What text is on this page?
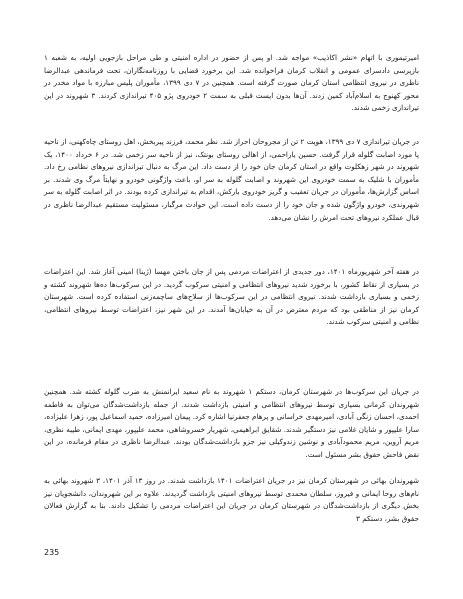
امیرتیموری با اتهام «نشر اکاذیب» مواجه شد. او پس از حضور در اداره امنیتی و طی مراحل بازجویی اولیه، به شعبه ۱ بازپرسی دادسرای عمومی و انقلاب کرمان فراخوانده شد. این برخورد قضایی با روزنامه‌نگاران، تحت فرماندهی عبدالرضا ناظری در نیروی انتظامی استان کرمان صورت گرفته است. همچنین در ۷ دی ۱۳۹۹، مأموران پلیس مبارزه با مواد مخدر در محور کهنوج به اسلام‌آباد کمین زدند. آن‌ها بدون ایست قبلی به سمت ۲ خودروی پژو ۴۰۵ تیراندازی کردند. ۳ شهروند در این تیراندازی زخمی شدند.

در جریان تیراندازی ۷ دی ۱۳۹۹، هویت ۲ تن از مجروحان احراز شد. نظر محمد، فرزند پیربخش، اهل روستای چاه‌کهنی، از ناحیه پا مورد اصابت گلوله قرار گرفت. حسین یاراحمی، از اهالی روستای بونتک، نیز از ناحیه سر زخمی شد. در ۶ خرداد ۱۴۰۰، یک شهروند در شهر زهکلوت واقع در استان کرمان جان خود را از دست داد. این مرگ به دنبال تیراندازی نیروهای نظامی رخ داد. مأموران با شلیک به سمت خودروی این شهروند و اصابت گلوله به سر او، باعث واژگونی خودرو و نهایتاً مرگ وی شدند. بر اساس گزارش‌ها، مأموران در جریان تعقیب و گریز خودروی بارکش، اقدام به تیراندازی کرده بودند. در اثر اصابت گلوله به سر شهروندی، خودرو واژگون شده و جان خود را از دست داده است. این حوادث مرگبار، مسئولیت مستقیم عبدالرضا ناظری در قبال عملکرد نیروهای تحت امرش را نشان می‌دهد.

در هفته آخر شهریورماه ۱۴۰۱، دور جدیدی از اعتراضات مردمی پس از جان باختن مهسا (ژینا) امینی آغاز شد. این اعتراضات در بسیاری از نقاط کشور، با برخورد شدید نیروهای انتظامی و امنیتی سرکوب گردید. در این سرکوب‌ها ده‌ها شهروند کشته و زخمی و بسیاری بازداشت شدند. نیروی انتظامی در این سرکوب‌ها از سلاح‌های ساچمه‌زنی استفاده کرده است. شهرستان کرمان نیز از مناطقی بود که مردم معترض در آن به خیابان‌ها آمدند. در این شهر نیز، اعتراضات توسط نیروهای انتظامی، نظامی و امنیتی سرکوب شدند.

در جریان این سرکوب‌ها در شهرستان کرمان، دستکم ۱ شهروند به نام سعید ایرانمنش به ضرب گلوله کشته شد. همچنین شهروندان کرمانی بسیاری توسط نیروهای انتظامی و امنیتی بازداشت شدند. از جمله بازداشت‌شدگان می‌توان به فاطمه احمدی، احسان زنگی آبادی، امیرمهدی خراسانی و پرهام جعفرنیا اشاره کرد. پیمان امیرزاده، حمید اسماعیل پور، زهرا علیزاده، سارا علیپور و شایان غلامی نیز دستگیر شدند. شقایق ابراهیمی، شهریار خسروشاهی، محمد علیپور، مهدی ایمانی، طیبه نظری، مریم آروین، مریم محمودآبادی و نوشین زندوکیلی نیز جزو بازداشت‌شدگان بودند. عبدالرضا ناظری در مقام فرمانده، در این نقض فاحش حقوق بشر مسئول است.

شهروندان بهائی در شهرستان کرمان نیز در جریان اعتراضات ۱۴۰۱ بازداشت شدند. در روز ۱۳ آذر ۱۴۰۱، ۳ شهروند بهائی به نام‌های روحا ایمانی و فیروز، سلطان محمدی توسط نیروهای امنیتی بازداشت گردیدند. علاوه بر این شهروندان، دانشجویان نیز بخش دیگری از بازداشت‌شدگان در شهرستان کرمان در جریان این اعتراضات مردمی را تشکیل دادند. بنا به گزارش فعالان حقوق بشر، دستکم ۳

235
